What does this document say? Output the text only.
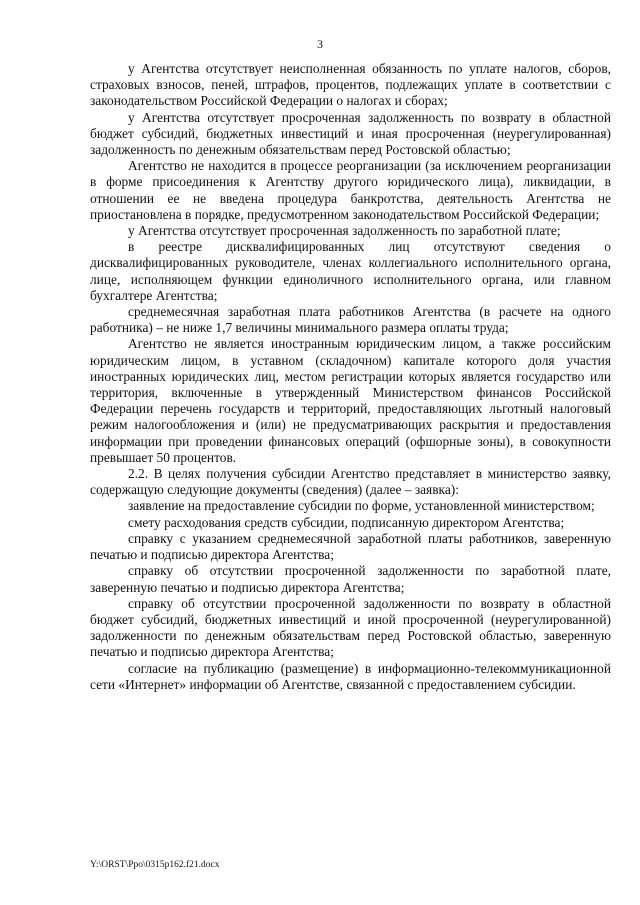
3

у Агентства отсутствует неисполненная обязанность по уплате налогов, сборов, страховых взносов, пеней, штрафов, процентов, подлежащих уплате в соответствии с законодательством Российской Федерации о налогах и сборах;

у Агентства отсутствует просроченная задолженность по возврату в областной бюджет субсидий, бюджетных инвестиций и иная просроченная (неурегулированная) задолженность по денежным обязательствам перед Ростовской областью;

Агентство не находится в процессе реорганизации (за исключением реорганизации в форме присоединения к Агентству другого юридического лица), ликвидации, в отношении ее не введена процедура банкротства, деятельность Агентства не приостановлена в порядке, предусмотренном законодательством Российской Федерации;

у Агентства отсутствует просроченная задолженность по заработной плате;

в реестре дисквалифицированных лиц отсутствуют сведения о дисквалифицированных руководителе, членах коллегиального исполнительного органа, лице, исполняющем функции единоличного исполнительного органа, или главном бухгалтере Агентства;

среднемесячная заработная плата работников Агентства (в расчете на одного работника) – не ниже 1,7 величины минимального размера оплаты труда;

Агентство не является иностранным юридическим лицом, а также российским юридическим лицом, в уставном (складочном) капитале которого доля участия иностранных юридических лиц, местом регистрации которых является государство или территория, включенные в утвержденный Министерством финансов Российской Федерации перечень государств и территорий, предоставляющих льготный налоговый режим налогообложения и (или) не предусматривающих раскрытия и предоставления информации при проведении финансовых операций (офшорные зоны), в совокупности превышает 50 процентов.

2.2. В целях получения субсидии Агентство представляет в министерство заявку, содержащую следующие документы (сведения) (далее – заявка):

заявление на предоставление субсидии по форме, установленной министерством;

смету расходования средств субсидии, подписанную директором Агентства;

справку с указанием среднемесячной заработной платы работников, заверенную печатью и подписью директора Агентства;

справку об отсутствии просроченной задолженности по заработной плате, заверенную печатью и подписью директора Агентства;

справку об отсутствии просроченной задолженности по возврату в областной бюджет субсидий, бюджетных инвестиций и иной просроченной (неурегулированной) задолженности по денежным обязательствам перед Ростовской областью, заверенную печатью и подписью директора Агентства;

согласие на публикацию (размещение) в информационно-телекоммуникационной сети «Интернет» информации об Агентстве, связанной с предоставлением субсидии.

Y:\ORST\Ppo\0315p162.f21.docx
